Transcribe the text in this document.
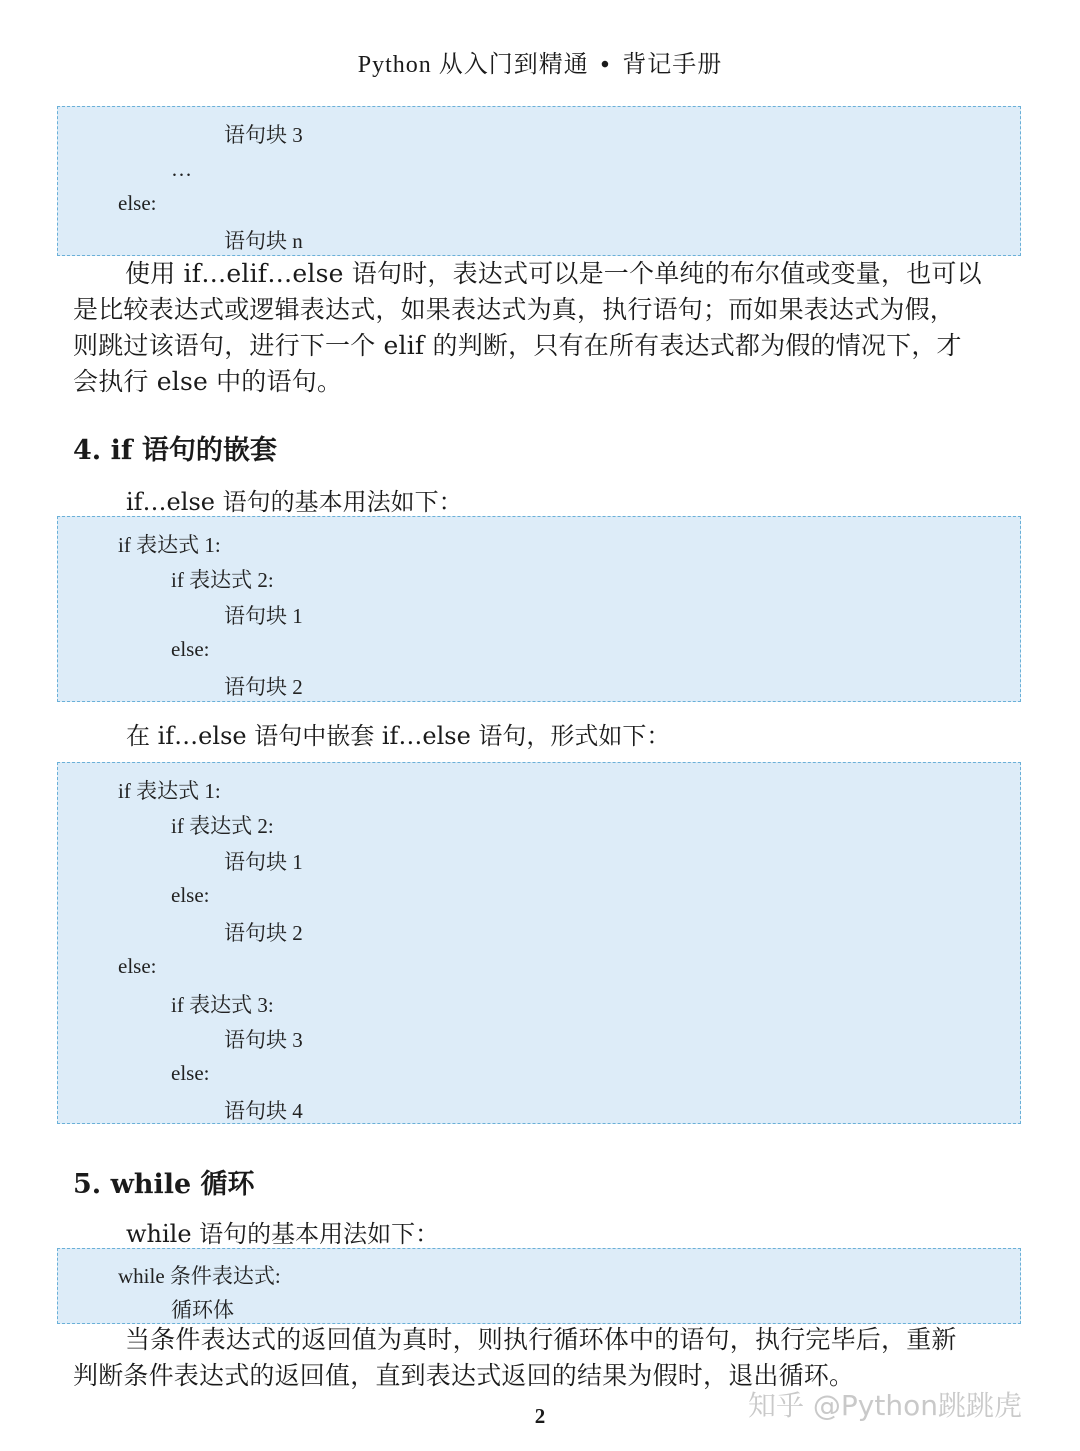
Python 从入门到精通 • 背记手册
语句块 3
…
else:
语句块 n

使用 if…elif…else 语句时，表达式可以是一个单纯的布尔值或变量，也可以
是比较表达式或逻辑表达式，如果表达式为真，执行语句；而如果表达式为假，
则跳过该语句，进行下一个 elif 的判断，只有在所有表达式都为假的情况下，才
会执行 else 中的语句。

4. if 语句的嵌套

if…else 语句的基本用法如下：

if 表达式 1:
if 表达式 2:
语句块 1
else:
语句块 2

在 if…else 语句中嵌套 if…else 语句，形式如下：

if 表达式 1:
if 表达式 2:
语句块 1
else:
语句块 2
else:
if 表达式 3:
语句块 3
else:
语句块 4
5. while 循环

while 语句的基本用法如下：

while 条件表达式:
循环体

当条件表达式的返回值为真时，则执行循环体中的语句，执行完毕后，重新
判断条件表达式的返回值，直到表达式返回的结果为假时，退出循环。

2	知乎 @Python跳跳虎
